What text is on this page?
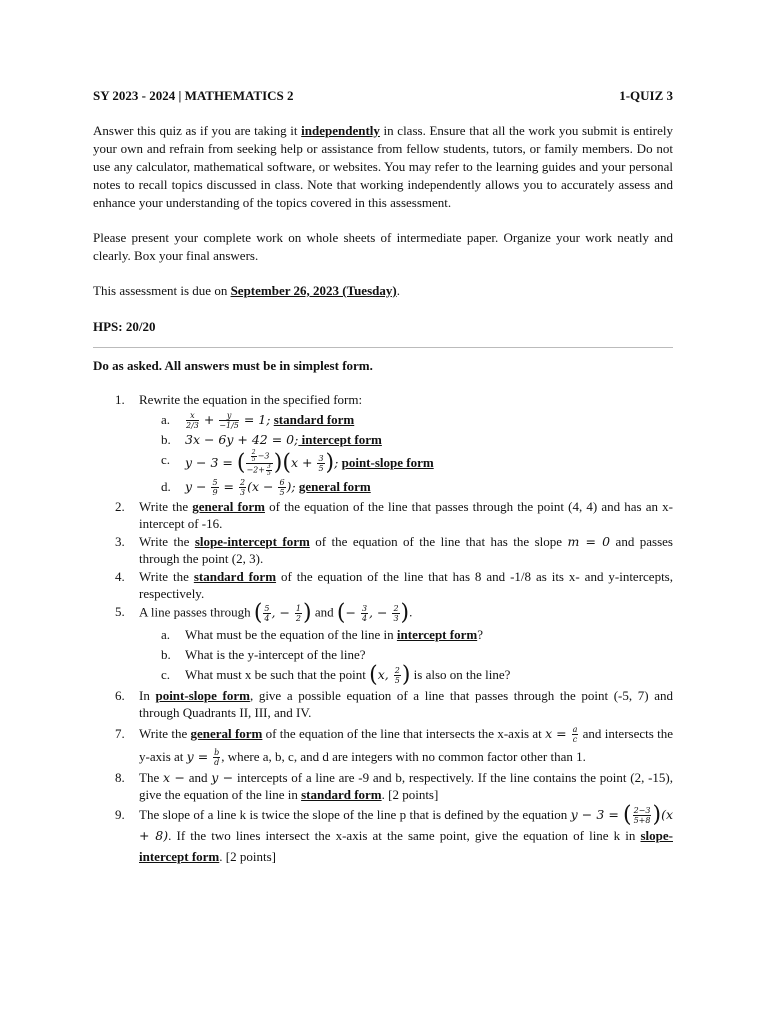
SY 2023 - 2024 | MATHEMATICS 2	1-QUIZ 3

Answer this quiz as if you are taking it independently in class. Ensure that all the work you submit is entirely your own and refrain from seeking help or assistance from fellow students, tutors, or family members. Do not use any calculator, mathematical software, or websites. You may refer to the learning guides and your personal notes to recall topics discussed in class. Note that working independently allows you to accurately assess and enhance your understanding of the topics covered in this assessment.

Please present your complete work on whole sheets of intermediate paper. Organize your work neatly and clearly. Box your final answers.

This assessment is due on September 26, 2023 (Tuesday).

HPS: 20/20

Do as asked. All answers must be in simplest form.

1. Rewrite the equation in the specified form:
a. $\frac{x}{2/3} + \frac{y}{-1/5} = 1$; standard form
b. 3x − 6y + 42 = 0; intercept form
c. y − 3 = ( $\frac{\frac{2}{5} -3}{-2+ \frac{3}{5}} )(x + \frac{3}{5}$ ); point-slope form
d. $y - \frac{5}{9} = \frac{2}{3} (x - \frac{6}{5}$ ); general form
2. Write the general form of the equation of the line that passes through the point (4, 4) and has an x-intercept of -16.
3. Write the slope-intercept form of the equation of the line that has the slope m = 0 and passes through the point (2, 3).
4. Write the standard form of the equation of the line that has 8 and -1/8 as its x- and y-intercepts, respectively.
5. A line passes through ( $\frac{5}{4}$ , − $\frac{1}{2}$ ) and (− $\frac{3}{4}$ , − $\frac{2}{3}$ ).
a. What must be the equation of the line in intercept form?
b. What is the y-intercept of the line?
c. What must x be such that the point (x, $\frac{2}{5}$ ) is also on the line?
6. In point-slope form, give a possible equation of a line that passes through the point (-5, 7) and through Quadrants II, III, and IV.
7. Write the general form of the equation of the line that intersects the x-axis at $x = \frac{a}{c}$ and intersects the y-axis at $y = \frac{b}{d}$ , where a, b, c, and d are integers with no common factor other than 1.
8. The x − and y − intercepts of a line are -9 and b, respectively. If the line contains the point (2, -15), give the equation of the line in standard form. [2 points]
9. The slope of a line k is twice the slope of the line p that is defined by the equation y − 3 = ( $\frac{2-3}{5+8} )(x + 8)$. If the two lines intersect the x-axis at the same point, give the equation of line k in slope-intercept form. [2 points]
